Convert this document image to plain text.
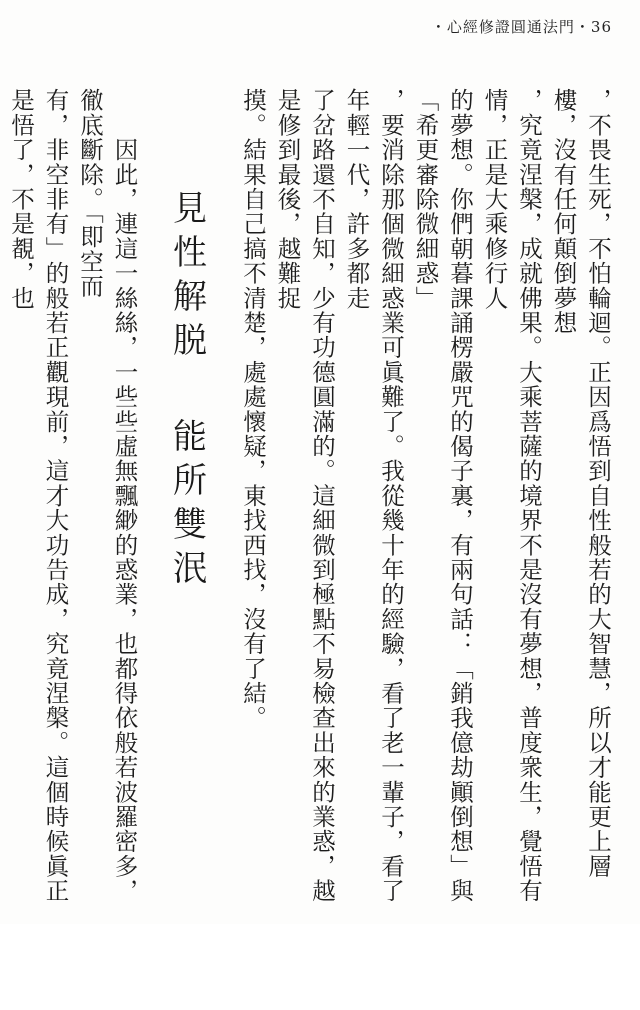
・心經修證圓通法門・36
，不畏生死，不怕輪迴。正因爲悟到自性般若的大智慧，所以才能更上層樓，沒有任何顛倒夢想
，究竟涅槃，成就佛果。大乘菩薩的境界不是沒有夢想，普度衆生，覺悟有情，正是大乘修行人
的夢想。你們朝暮課誦楞嚴咒的偈子裏，有兩句話：「銷我億劫顚倒想」與「希更審除微細惑」
，要消除那個微細惑業可眞難了。我從幾十年的經驗，看了老一輩子，看了年輕一代，許多都走
了岔路還不自知，少有功德圓滿的。這細微到極點不易檢查出來的業惑，越是修到最後，越難捉
摸。結果自己搞不清楚，處處懷疑，東找西找，沒有了結。
見性解脱能所雙泯
　　因此，連這一絲絲，一些些虛無飄緲的惑業，也都得依般若波羅密多，徹底斷除。「即空而
有，非空非有」的般若正觀現前，這才大功告成，究竟涅槃。這個時候眞正是悟了，不是覩，也
